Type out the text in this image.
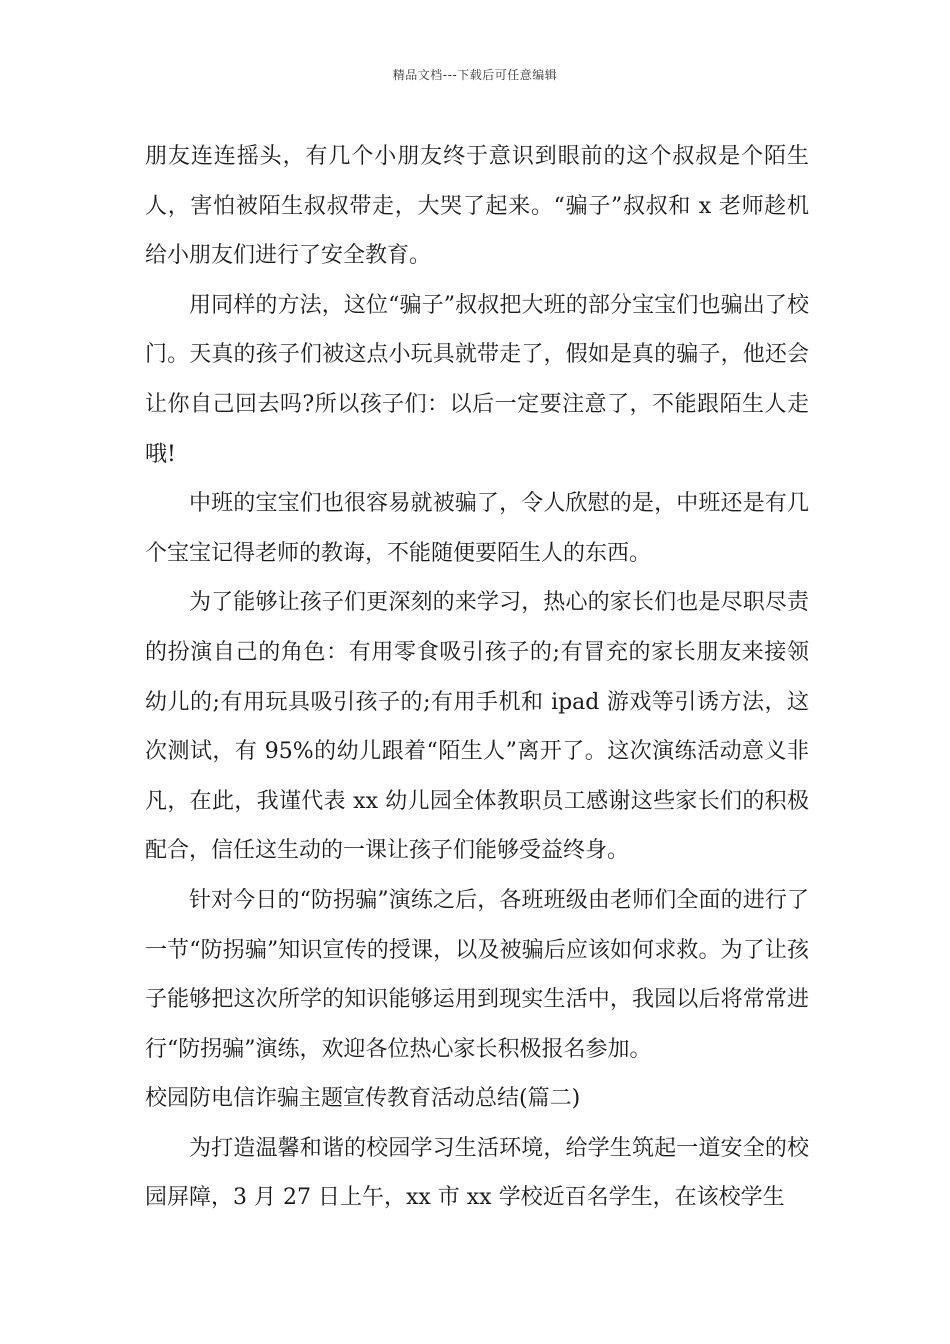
精品文档---下载后可任意编辑

朋友连连摇头，有几个小朋友终于意识到眼前的这个叔叔是个陌生人，害怕被陌生叔叔带走，大哭了起来。“骗子”叔叔和 x 老师趁机给小朋友们进行了安全教育。

用同样的方法，这位“骗子”叔叔把大班的部分宝宝们也骗出了校门。天真的孩子们被这点小玩具就带走了，假如是真的骗子，他还会让你自己回去吗?所以孩子们：以后一定要注意了，不能跟陌生人走哦!

中班的宝宝们也很容易就被骗了，令人欣慰的是，中班还是有几个宝宝记得老师的教诲，不能随便要陌生人的东西。

为了能够让孩子们更深刻的来学习，热心的家长们也是尽职尽责的扮演自己的角色：有用零食吸引孩子的;有冒充的家长朋友来接领幼儿的;有用玩具吸引孩子的;有用手机和 ipad 游戏等引诱方法，这次测试，有 95%的幼儿跟着“陌生人”离开了。这次演练活动意义非凡，在此，我谨代表 xx 幼儿园全体教职员工感谢这些家长们的积极配合，信任这生动的一课让孩子们能够受益终身。

针对今日的“防拐骗”演练之后，各班班级由老师们全面的进行了一节“防拐骗”知识宣传的授课，以及被骗后应该如何求救。为了让孩子能够把这次所学的知识能够运用到现实生活中，我园以后将常常进行“防拐骗”演练，欢迎各位热心家长积极报名参加。

校园防电信诈骗主题宣传教育活动总结(篇二)

为打造温馨和谐的校园学习生活环境，给学生筑起一道安全的校园屏障，3 月 27 日上午，xx 市 xx 学校近百名学生，在该校学生
